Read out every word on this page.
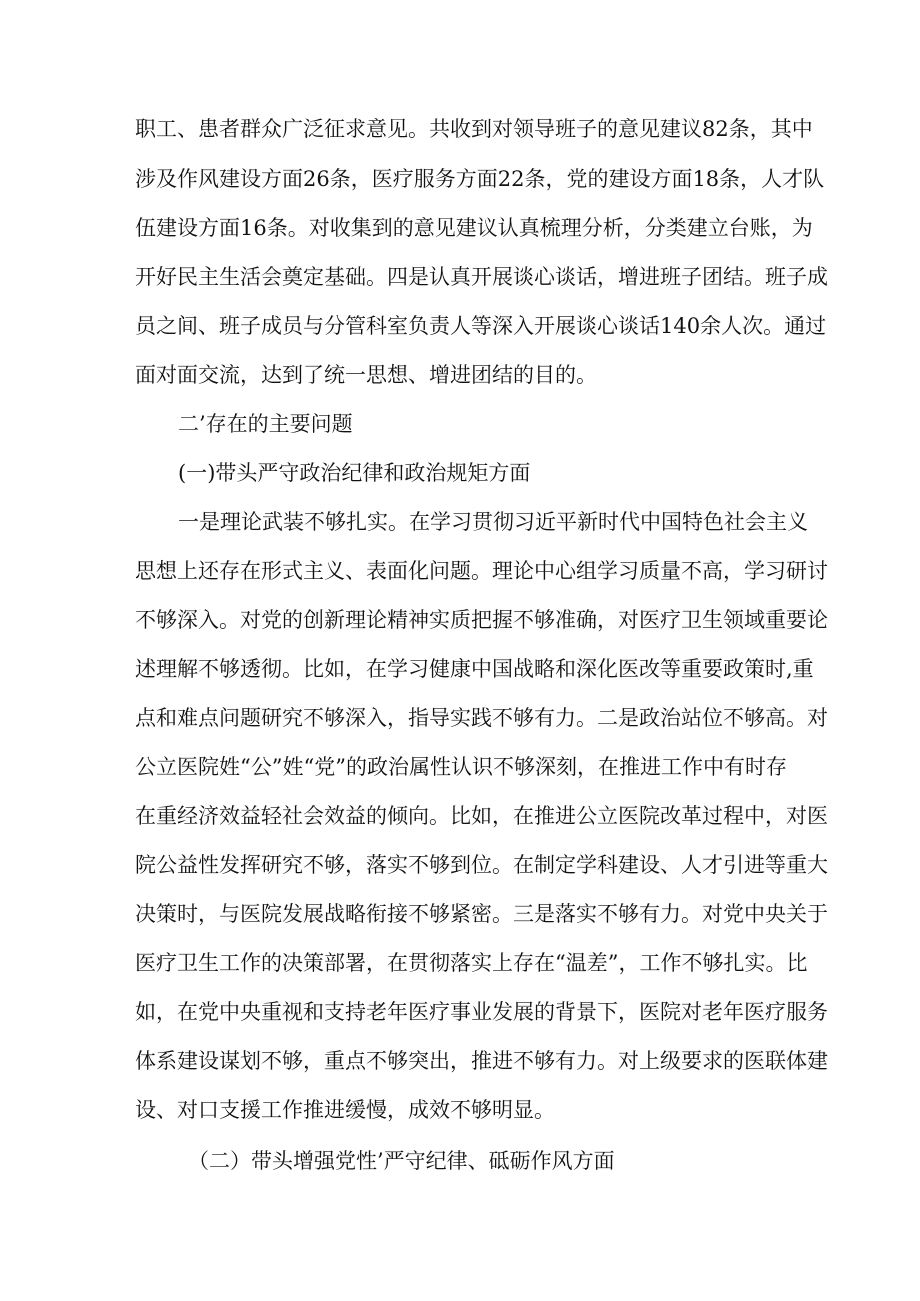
职工、患者群众广泛征求意见。共收到对领导班子的意见建议82条，其中
涉及作风建设方面26条，医疗服务方面22条，党的建设方面18条，人才队
伍建设方面16条。对收集到的意见建议认真梳理分析，分类建立台账，为
开好民主生活会奠定基础。四是认真开展谈心谈话，增进班子团结。班子成
员之间、班子成员与分管科室负责人等深入开展谈心谈话140余人次。通过
面对面交流，达到了统一思想、增进团结的目的。
二’存在的主要问题
(一)带头严守政治纪律和政治规矩方面
一是理论武装不够扎实。在学习贯彻习近平新时代中国特色社会主义
思想上还存在形式主义、表面化问题。理论中心组学习质量不高，学习研讨
不够深入。对党的创新理论精神实质把握不够准确，对医疗卫生领域重要论
述理解不够透彻。比如，在学习健康中国战略和深化医改等重要政策时,重
点和难点问题研究不够深入，指导实践不够有力。二是政治站位不够高。对
公立医院姓“公”姓“党”的政治属性认识不够深刻，在推进工作中有时存
在重经济效益轻社会效益的倾向。比如，在推进公立医院改革过程中，对医
院公益性发挥研究不够，落实不够到位。在制定学科建设、人才引进等重大
决策时，与医院发展战略衔接不够紧密。三是落实不够有力。对党中央关于
医疗卫生工作的决策部署，在贯彻落实上存在“温差”，工作不够扎实。比
如，在党中央重视和支持老年医疗事业发展的背景下，医院对老年医疗服务
体系建设谋划不够，重点不够突出，推进不够有力。对上级要求的医联体建
设、对口支援工作推进缓慢，成效不够明显。
（二）带头增强党性’严守纪律、砥砺作风方面
